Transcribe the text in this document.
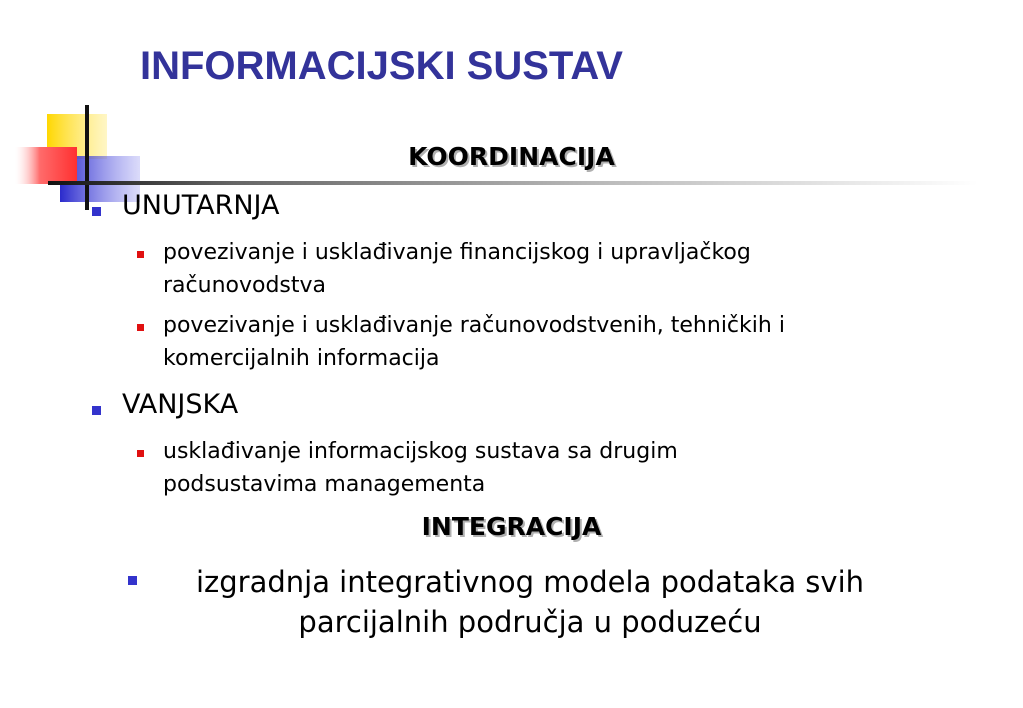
INFORMACIJSKI SUSTAV
KOORDINACIJA
UNUTARNJA
povezivanje i usklađivanje financijskog i upravljačkog
računovodstva
povezivanje i usklađivanje računovodstvenih, tehničkih i
komercijalnih informacija
VANJSKA
usklađivanje informacijskog sustava sa drugim
podsustavima managementa
INTEGRACIJA
izgradnja integrativnog modela podataka svih
parcijalnih područja u poduzeću
